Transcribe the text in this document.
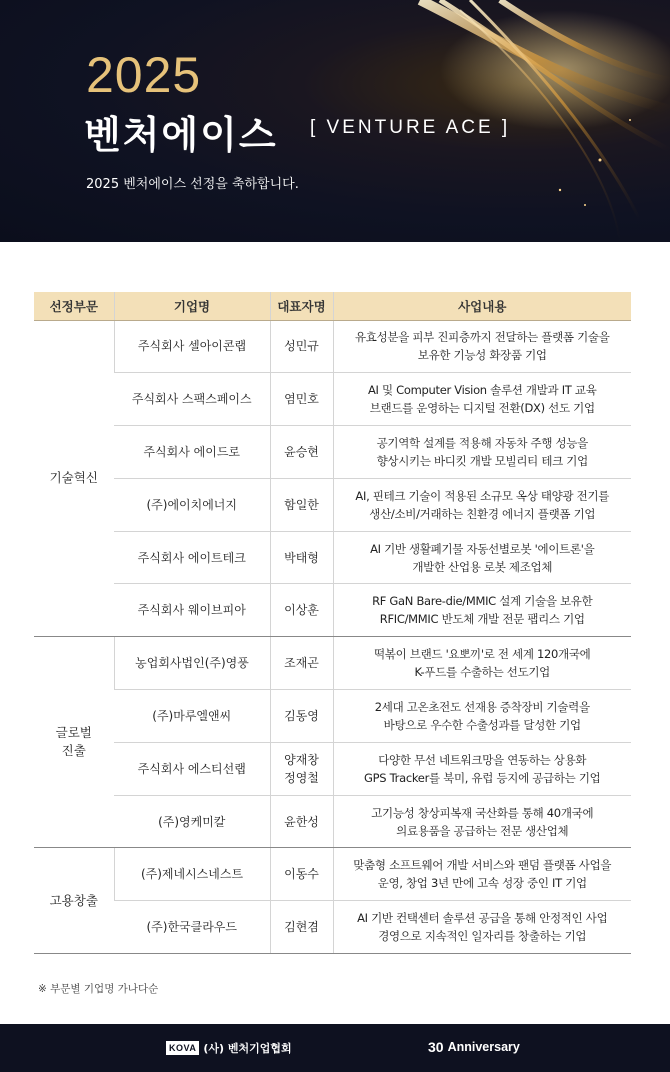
2025
벤처에이스 [ VENTURE ACE ]
2025 벤처에이스 선정을 축하합니다.
선정부문	기업명	대표자명	사업내용

기술혁신	주식회사 셀아이콘랩	성민규	유효성분을 피부 진피층까지 전달하는 플랫폼 기술을
보유한 기능성 화장품 기업

	주식회사 스팩스페이스	염민호	AI 및 Computer Vision 솔루션 개발과 IT 교육
브랜드를 운영하는 디지털 전환(DX) 선도 기업

	주식회사 에이드로	윤승현	공기역학 설계를 적용해 자동차 주행 성능을
향상시키는 바디킷 개발 모빌리티 테크 기업

	(주)에이치에너지	함일한	AI, 핀테크 기술이 적용된 소규모 옥상 태양광 전기를
생산/소비/거래하는 친환경 에너지 플랫폼 기업

	주식회사 에이트테크	박태형	AI 기반 생활폐기물 자동선별로봇 '에이트론'을
개발한 산업용 로봇 제조업체

	주식회사 웨이브피아	이상훈	RF GaN Bare-die/MMIC 설계 기술을 보유한
RFIC/MMIC 반도체 개발 전문 팹리스 기업

글로벌
진출	농업회사법인(주)영풍	조재곤	떡볶이 브랜드 '요뽀끼'로 전 세계 120개국에
K-푸드를 수출하는 선도기업

	(주)마루엘앤씨	김동영	2세대 고온초전도 선재용 증착장비 기술력을
바탕으로 우수한 수출성과를 달성한 기업

	주식회사 에스티선랩	양재창
정영철	다양한 무선 네트워크망을 연동하는 상용화
GPS Tracker를 북미, 유럽 등지에 공급하는 기업

	(주)영케미칼	윤한성	고기능성 창상피복재 국산화를 통해 40개국에
의료용품을 공급하는 전문 생산업체

고용창출	(주)제네시스네스트	이동수	맞춤형 소프트웨어 개발 서비스와 팬덤 플랫폼 사업을
운영, 창업 3년 만에 고속 성장 중인 IT 기업

	(주)한국클라우드	김현겸	AI 기반 컨택센터 솔루션 공급을 통해 안정적인 사업
경영으로 지속적인 일자리를 창출하는 기업
※ 부문별 기업명 가나다순
KOVA (사) 벤처기업협회	30 Anniversary
